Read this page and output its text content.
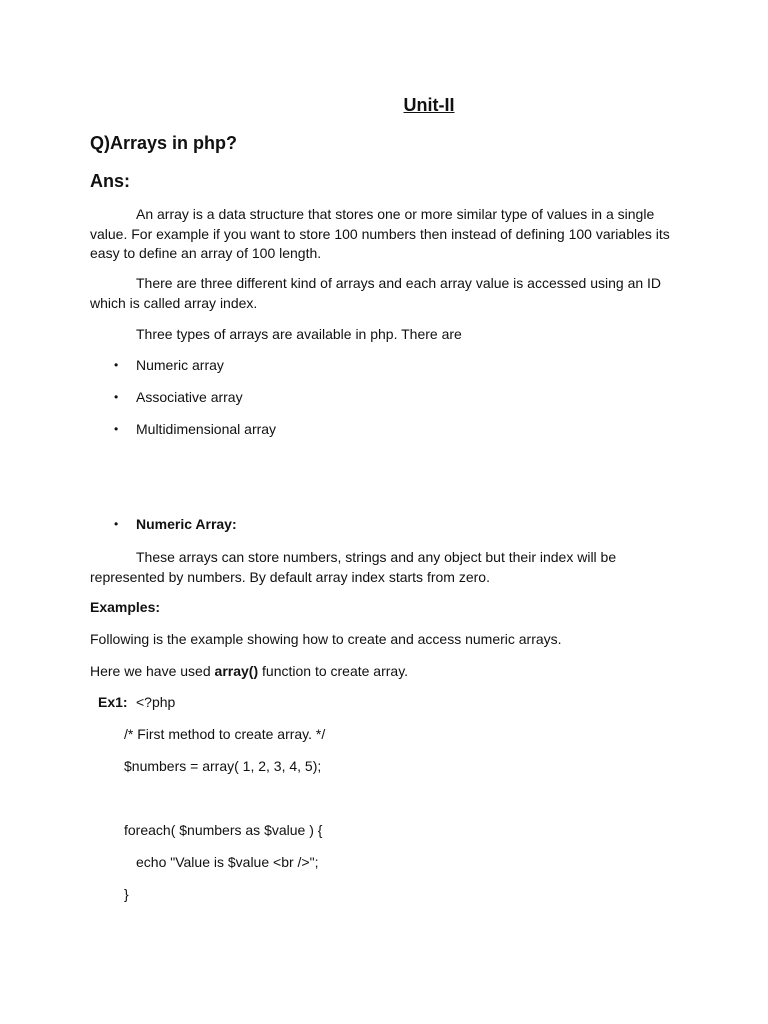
Unit-II
Q)Arrays in php?
Ans:
An array is a data structure that stores one or more similar type of values in a single value. For example if you want to store 100 numbers then instead of defining 100 variables its easy to define an array of 100 length.
There are three different kind of arrays and each array value is accessed using an ID which is called array index.
Three types of arrays are available in php. There are
• Numeric array
• Associative array
• Multidimensional array
• Numeric Array:
These arrays can store numbers, strings and any object but their index will be represented by numbers. By default array index starts from zero.
Examples:
Following is the example showing how to create and access numeric arrays.
Here we have used array() function to create array.
Ex1: <?php
/* First method to create array. */
$numbers = array( 1, 2, 3, 4, 5);
foreach( $numbers as $value ) {
echo "Value is $value <br />";
}
